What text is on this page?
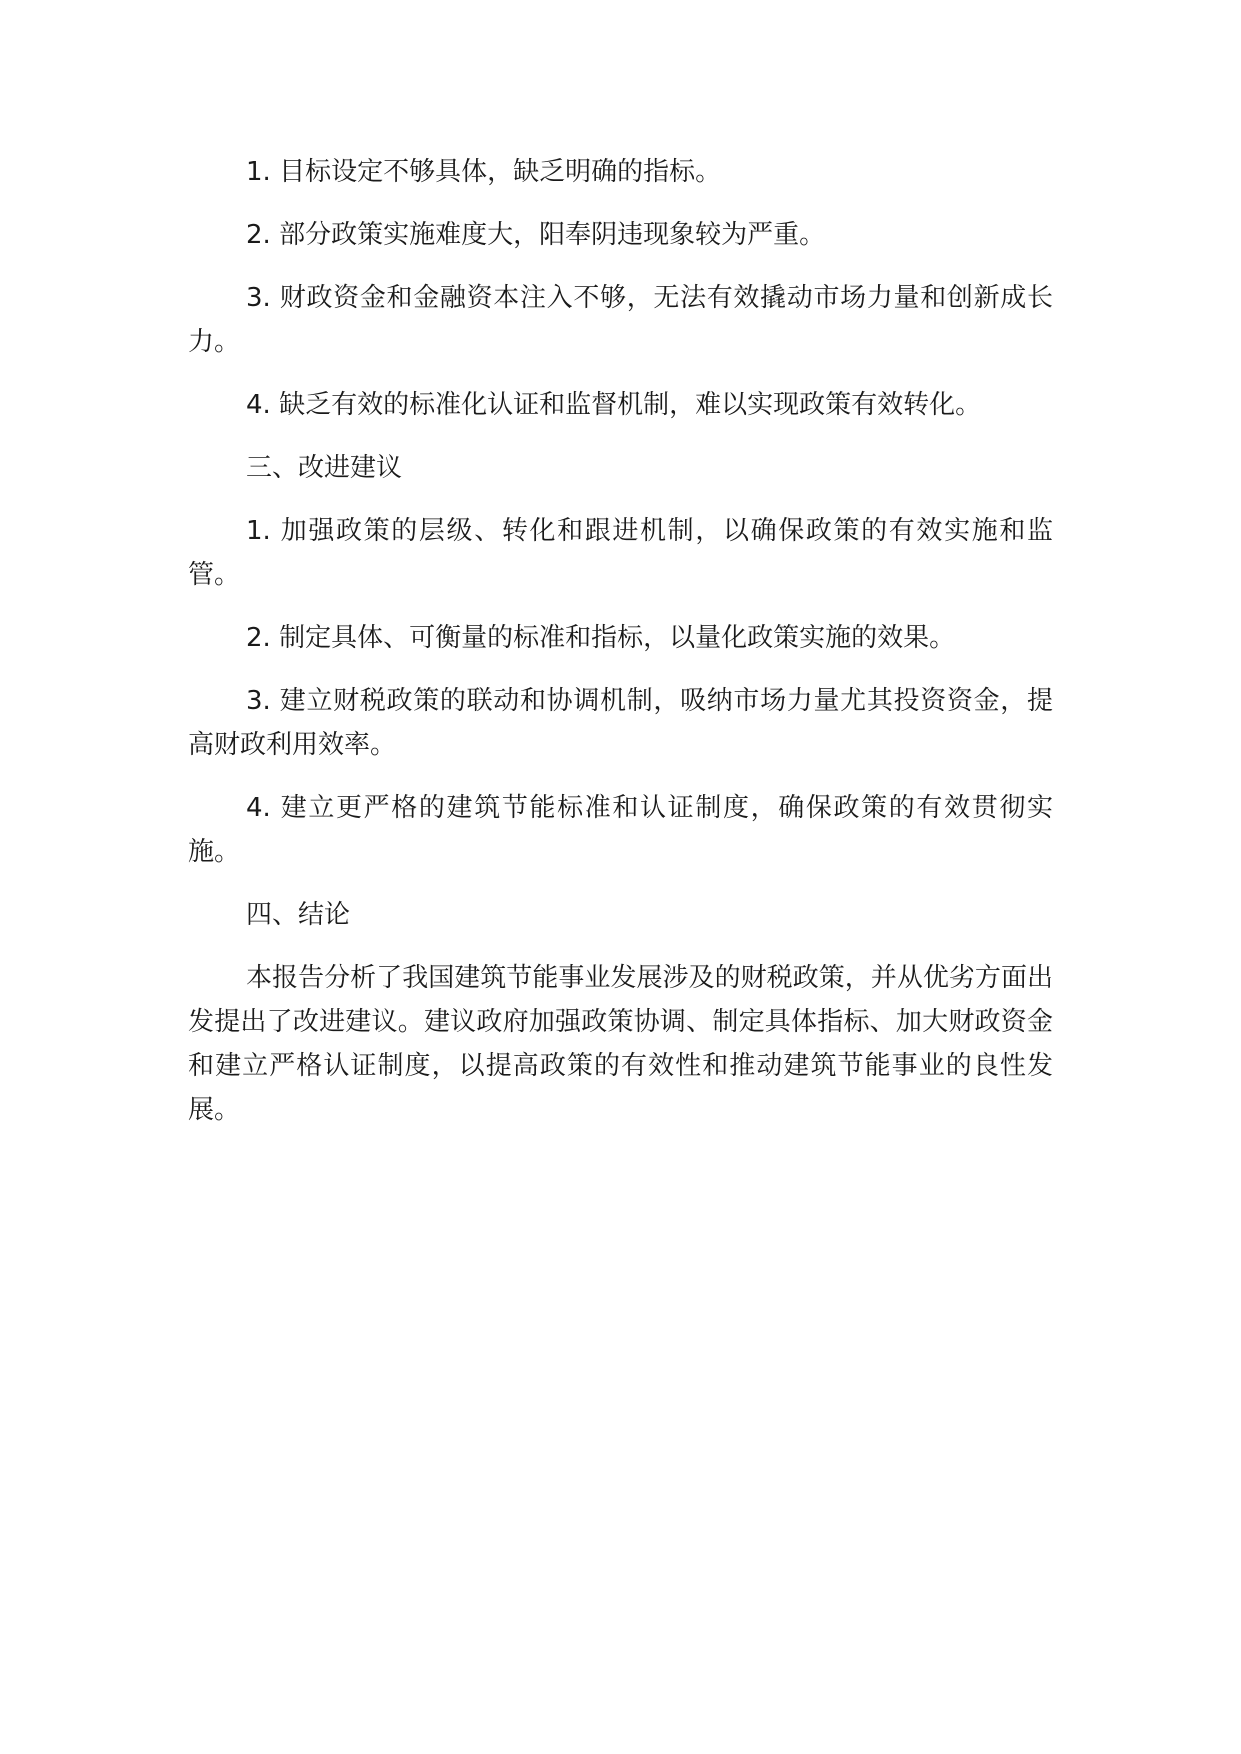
1. 目标设定不够具体，缺乏明确的指标。

2. 部分政策实施难度大，阳奉阴违现象较为严重。

3. 财政资金和金融资本注入不够，无法有效撬动市场力量和创新成长力。

4. 缺乏有效的标准化认证和监督机制，难以实现政策有效转化。

三、改进建议

1. 加强政策的层级、转化和跟进机制，以确保政策的有效实施和监管。

2. 制定具体、可衡量的标准和指标，以量化政策实施的效果。

3. 建立财税政策的联动和协调机制，吸纳市场力量尤其投资资金，提高财政利用效率。

4. 建立更严格的建筑节能标准和认证制度，确保政策的有效贯彻实施。

四、结论

本报告分析了我国建筑节能事业发展涉及的财税政策，并从优劣方面出发提出了改进建议。建议政府加强政策协调、制定具体指标、加大财政资金和建立严格认证制度，以提高政策的有效性和推动建筑节能事业的良性发展。
